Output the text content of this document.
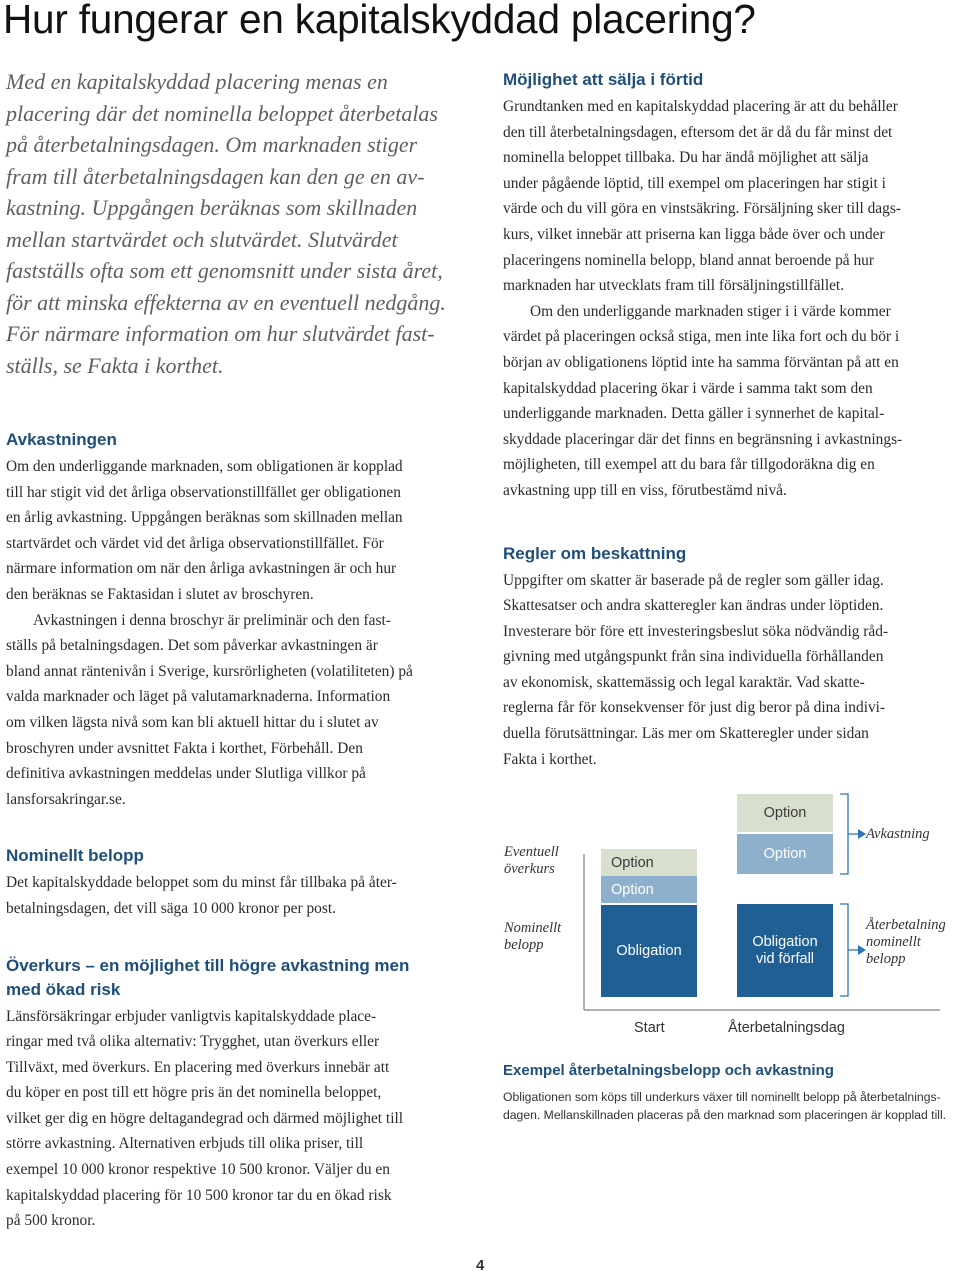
Hur fungerar en kapitalskyddad placering?

Med en kapitalskyddad placering menas en
placering där det nominella beloppet återbetalas
på återbetalningsdagen. Om marknaden stiger
fram till återbetalningsdagen kan den ge en av-
kastning. Uppgången beräknas som skillnaden
mellan startvärdet och slutvärdet. Slutvärdet
fastställs ofta som ett genomsnitt under sista året,
för att minska effekterna av en eventuell nedgång.
För närmare information om hur slutvärdet fast-
ställs, se Fakta i korthet.

Avkastningen

Om den underliggande marknaden, som obligationen är kopplad
till har stigit vid det årliga observationstillfället ger obligationen
en årlig avkastning. Uppgången beräknas som skillnaden mellan
startvärdet och värdet vid det årliga observationstillfället. För
närmare information om när den årliga avkastningen är och hur
den beräknas se Faktasidan i slutet av broschyren.
Avkastningen i denna broschyr är preliminär och den fast-
ställs på betalningsdagen. Det som påverkar avkastningen är
bland annat räntenivån i Sverige, kursrörligheten (volatiliteten) på
valda marknader och läget på valutamarknaderna. Information
om vilken lägsta nivå som kan bli aktuell hittar du i slutet av
broschyren under avsnittet Fakta i korthet, Förbehåll. Den
definitiva avkastningen meddelas under Slutliga villkor på
lansforsakringar.se.

Nominellt belopp

Det kapitalskyddade beloppet som du minst får tillbaka på åter-
betalningsdagen, det vill säga 10 000 kronor per post.

Överkurs – en möjlighet till högre avkastning men
med ökad risk

Länsförsäkringar erbjuder vanligtvis kapitalskyddade place-
ringar med två olika alternativ: Trygghet, utan överkurs eller
Tillväxt, med överkurs. En placering med överkurs innebär att
du köper en post till ett högre pris än det nominella beloppet,
vilket ger dig en högre deltagandegrad och därmed möjlighet till
större avkastning. Alternativen erbjuds till olika priser, till
exempel 10 000 kronor respektive 10 500 kronor. Väljer du en
kapitalskyddad placering för 10 500 kronor tar du en ökad risk
på 500 kronor.

Möjlighet att sälja i förtid

Grundtanken med en kapitalskyddad placering är att du behåller
den till återbetalningsdagen, eftersom det är då du får minst det
nominella beloppet tillbaka. Du har ändå möjlighet att sälja
under pågående löptid, till exempel om placeringen har stigit i
värde och du vill göra en vinstsäkring. Försäljning sker till dags-
kurs, vilket innebär att priserna kan ligga både över och under
placeringens nominella belopp, bland annat beroende på hur
marknaden har utvecklats fram till försäljningstillfället.
Om den underliggande marknaden stiger i i värde kommer
värdet på placeringen också stiga, men inte lika fort och du bör i
början av obligationens löptid inte ha samma förväntan på att en
kapitalskyddad placering ökar i värde i samma takt som den
underliggande marknaden. Detta gäller i synnerhet de kapital-
skyddade placeringar där det finns en begränsning i avkastnings-
möjligheten, till exempel att du bara får tillgodoräkna dig en
avkastning upp till en viss, förutbestämd nivå.

Regler om beskattning

Uppgifter om skatter är baserade på de regler som gäller idag.
Skattesatser och andra skatteregler kan ändras under löptiden.
Investerare bör före ett investeringsbeslut söka nödvändig råd-
givning med utgångspunkt från sina individuella förhållanden
av ekonomisk, skattemässig och legal karaktär. Vad skatte-
reglerna får för konsekvenser för just dig beror på dina indivi-
duella förutsättningar. Läs mer om Skatteregler under sidan
Fakta i korthet.

Eventuell
överkurs
Nominellt
belopp
Option
Option
Obligation
Option
Option
Obligation
vid förfall
Avkastning
Återbetalning
nominellt
belopp
Start	Återbetalningsdag
Exempel återbetalningsbelopp och avkastning
Obligationen som köps till underkurs växer till nominellt belopp på återbetalnings-
dagen. Mellanskillnaden placeras på den marknad som placeringen är kopplad till.
4
